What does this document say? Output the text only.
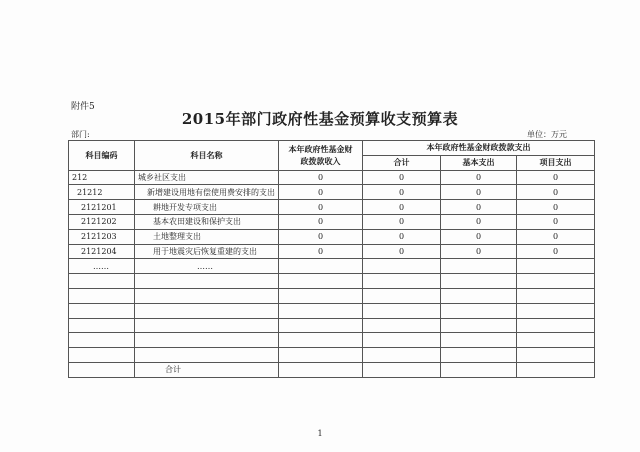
附件5
2015年部门政府性基金预算收支预算表
部门:	单位：万元
科目编码	科目名称	本年政府性基金财政拨款收入	本年政府性基金财政拨款支出		
			合计	基本支出	项目支出
212	城乡社区支出	0	0	0	0
21212	新增建设用地有偿使用费安排的支出	0	0	0	0
2121201	耕地开发专项支出	0	0	0	0
2121202	基本农田建设和保护支出	0	0	0	0
2121203	土地整理支出	0	0	0	0
2121204	用于地震灾后恢复重建的支出	0	0	0	0
……	……				

	合计				
1
